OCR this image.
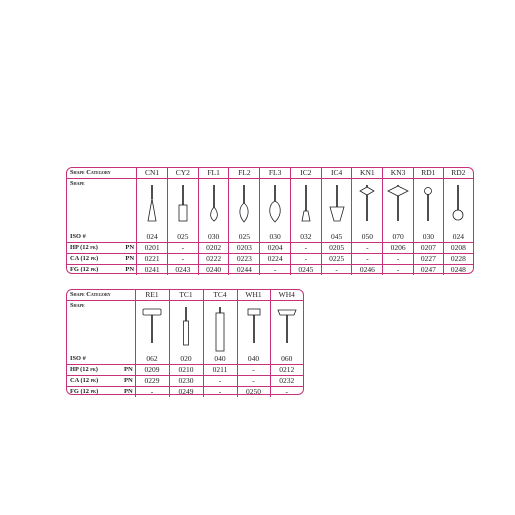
Shape Category		CN1	CY2	FL1	FL2	FL3	IC2	IC4	KN1	KN3	RD1	RD2
Shape	

ISO #		024	025	030	025	030	032	045	050	070	030	024
HP (12 pk)	PN	0201	-	0202	0203	0204	-	0205	-	0206	0207	0208
CA (12 pk)	PN	0221	-	0222	0223	0224	-	0225	-	-	0227	0228
FG (12 pk)	PN	0241	0243	0240	0244	-	0245	-	0246	-	0247	0248
Shape Category		RE1	TC1	TC4	WH1	WH4
Shape	

ISO #		062	020	040	040	060
HP (12 pk)	PN	0209	0210	0211	-	0212
CA (12 pk)	PN	0229	0230	-	-	0232
FG (12 pk)	PN	-	0249	-	0250	-
